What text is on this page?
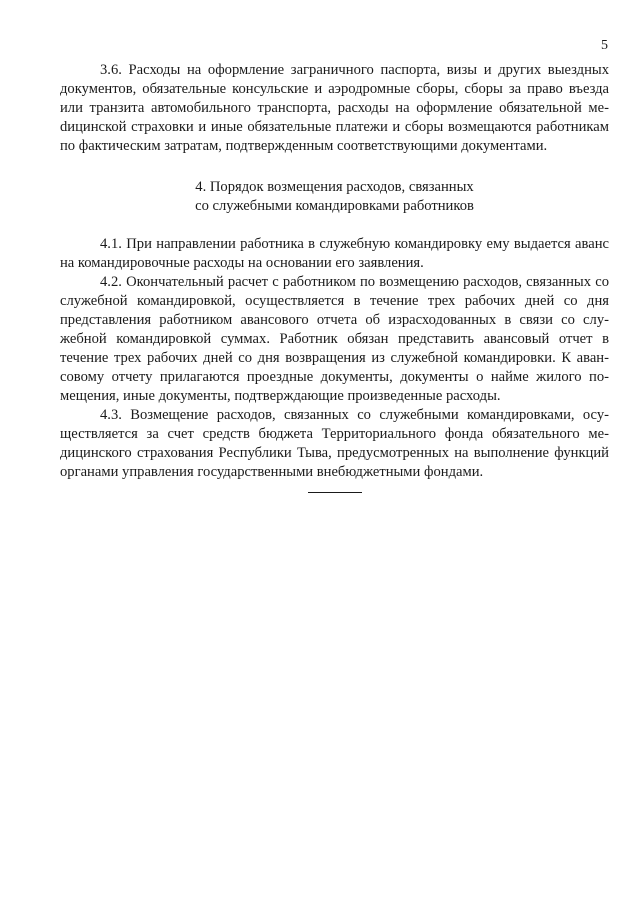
5

3.6. Расходы на оформление заграничного паспорта, визы и других выездных документов, обязательные консульские и аэродромные сборы, сборы за право въезда или транзита автомобильного транспорта, расходы на оформление обязательной меdицинской страховки и иные обязательные платежи и сборы возмещаются работникам по фактическим затратам, подтвержденным соответствующими документами.

4. Порядок возмещения расходов, связанных
со служебными командировками работников

4.1. При направлении работника в служебную командировку ему выдается аванс на командировочные расходы на основании его заявления.

4.2. Окончательный расчет с работником по возмещению расходов, связанных со служебной командировкой, осуществляется в течение трех рабочих дней со дня представления работником авансового отчета об израсходованных в связи со служебной командировкой суммах. Работник обязан представить авансовый отчет в течение трех рабочих дней со дня возвращения из служебной командировки. К авансовому отчету прилагаются проездные документы, документы о найме жилого помещения, иные документы, подтверждающие произведенные расходы.

4.3. Возмещение расходов, связанных со служебными командировками, осуществляется за счет средств бюджета Территориального фонда обязательного медицинского страхования Республики Тыва, предусмотренных на выполнение функций органами управления государственными внебюджетными фондами.
